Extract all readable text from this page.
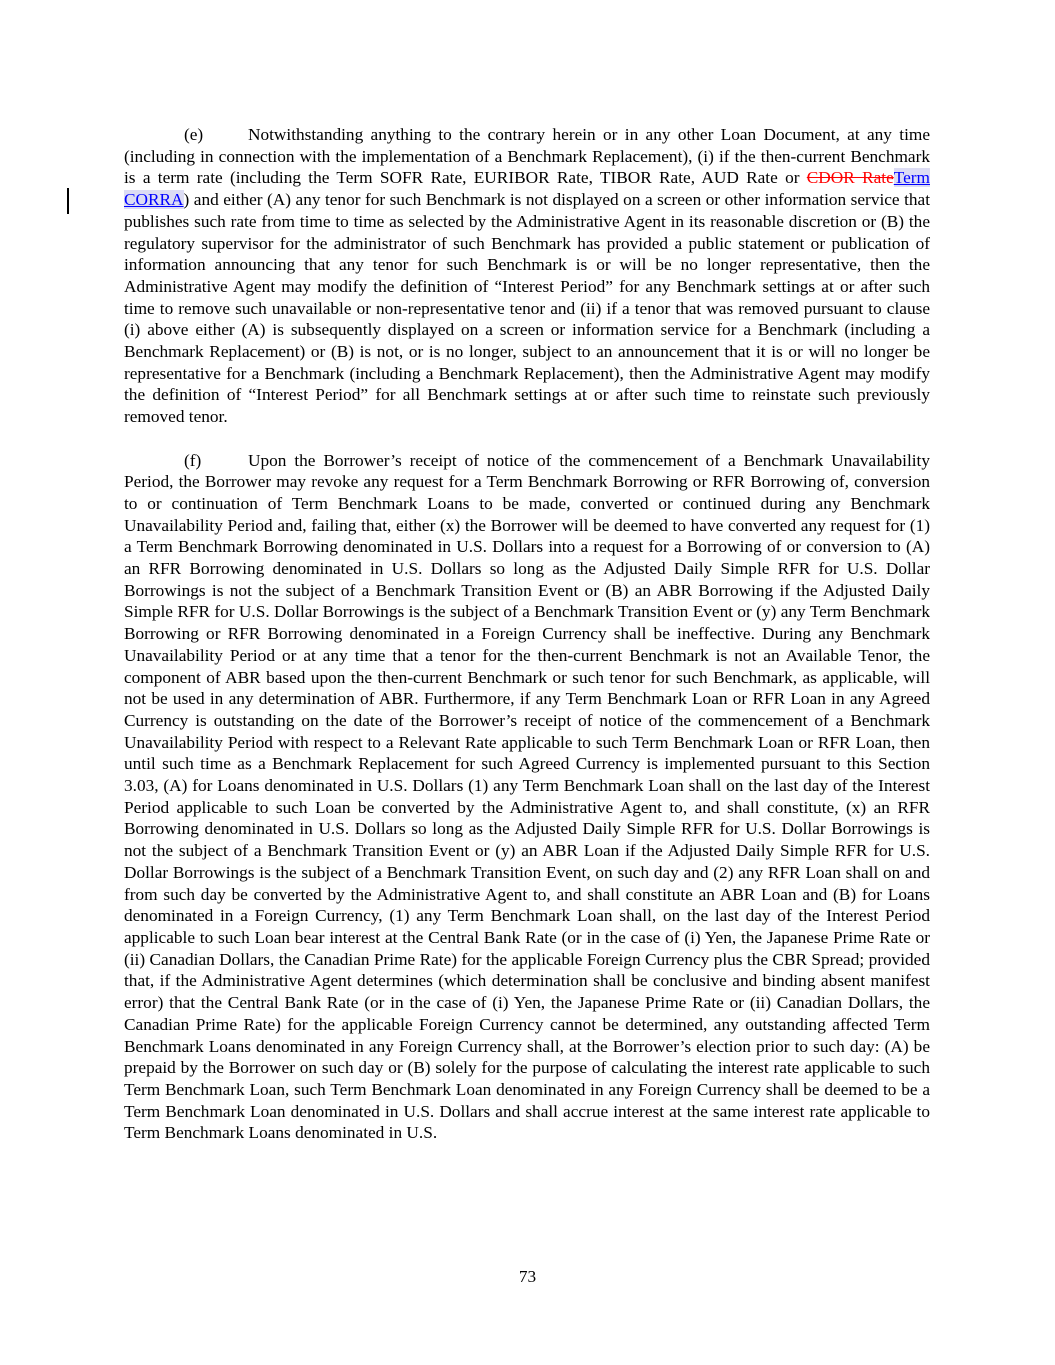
(e)	Notwithstanding anything to the contrary herein or in any other Loan Document, at any time (including in connection with the implementation of a Benchmark Replacement), (i) if the then-current Benchmark is a term rate (including the Term SOFR Rate, EURIBOR Rate, TIBOR Rate, AUD Rate or CDOR RateTerm CORRA) and either (A) any tenor for such Benchmark is not displayed on a screen or other information service that publishes such rate from time to time as selected by the Administrative Agent in its reasonable discretion or (B) the regulatory supervisor for the administrator of such Benchmark has provided a public statement or publication of information announcing that any tenor for such Benchmark is or will be no longer representative, then the Administrative Agent may modify the definition of “Interest Period” for any Benchmark settings at or after such time to remove such unavailable or non-representative tenor and (ii) if a tenor that was removed pursuant to clause (i) above either (A) is subsequently displayed on a screen or information service for a Benchmark (including a Benchmark Replacement) or (B) is not, or is no longer, subject to an announcement that it is or will no longer be representative for a Benchmark (including a Benchmark Replacement), then the Administrative Agent may modify the definition of “Interest Period” for all Benchmark settings at or after such time to reinstate such previously removed tenor.

(f)	Upon the Borrower’s receipt of notice of the commencement of a Benchmark Unavailability Period, the Borrower may revoke any request for a Term Benchmark Borrowing or RFR Borrowing of, conversion to or continuation of Term Benchmark Loans to be made, converted or continued during any Benchmark Unavailability Period and, failing that, either (x) the Borrower will be deemed to have converted any request for (1) a Term Benchmark Borrowing denominated in U.S. Dollars into a request for a Borrowing of or conversion to (A) an RFR Borrowing denominated in U.S. Dollars so long as the Adjusted Daily Simple RFR for U.S. Dollar Borrowings is not the subject of a Benchmark Transition Event or (B) an ABR Borrowing if the Adjusted Daily Simple RFR for U.S. Dollar Borrowings is the subject of a Benchmark Transition Event or (y) any Term Benchmark Borrowing or RFR Borrowing denominated in a Foreign Currency shall be ineffective. During any Benchmark Unavailability Period or at any time that a tenor for the then-current Benchmark is not an Available Tenor, the component of ABR based upon the then-current Benchmark or such tenor for such Benchmark, as applicable, will not be used in any determination of ABR. Furthermore, if any Term Benchmark Loan or RFR Loan in any Agreed Currency is outstanding on the date of the Borrower’s receipt of notice of the commencement of a Benchmark Unavailability Period with respect to a Relevant Rate applicable to such Term Benchmark Loan or RFR Loan, then until such time as a Benchmark Replacement for such Agreed Currency is implemented pursuant to this Section 3.03, (A) for Loans denominated in U.S. Dollars (1) any Term Benchmark Loan shall on the last day of the Interest Period applicable to such Loan be converted by the Administrative Agent to, and shall constitute, (x) an RFR Borrowing denominated in U.S. Dollars so long as the Adjusted Daily Simple RFR for U.S. Dollar Borrowings is not the subject of a Benchmark Transition Event or (y) an ABR Loan if the Adjusted Daily Simple RFR for U.S. Dollar Borrowings is the subject of a Benchmark Transition Event, on such day and (2) any RFR Loan shall on and from such day be converted by the Administrative Agent to, and shall constitute an ABR Loan and (B) for Loans denominated in a Foreign Currency, (1) any Term Benchmark Loan shall, on the last day of the Interest Period applicable to such Loan bear interest at the Central Bank Rate (or in the case of (i) Yen, the Japanese Prime Rate or (ii) Canadian Dollars, the Canadian Prime Rate) for the applicable Foreign Currency plus the CBR Spread; provided that, if the Administrative Agent determines (which determination shall be conclusive and binding absent manifest error) that the Central Bank Rate (or in the case of (i) Yen, the Japanese Prime Rate or (ii) Canadian Dollars, the Canadian Prime Rate) for the applicable Foreign Currency cannot be determined, any outstanding affected Term Benchmark Loans denominated in any Foreign Currency shall, at the Borrower’s election prior to such day: (A) be prepaid by the Borrower on such day or (B) solely for the purpose of calculating the interest rate applicable to such Term Benchmark Loan, such Term Benchmark Loan denominated in any Foreign Currency shall be deemed to be a Term Benchmark Loan denominated in U.S. Dollars and shall accrue interest at the same interest rate applicable to Term Benchmark Loans denominated in U.S.

73
